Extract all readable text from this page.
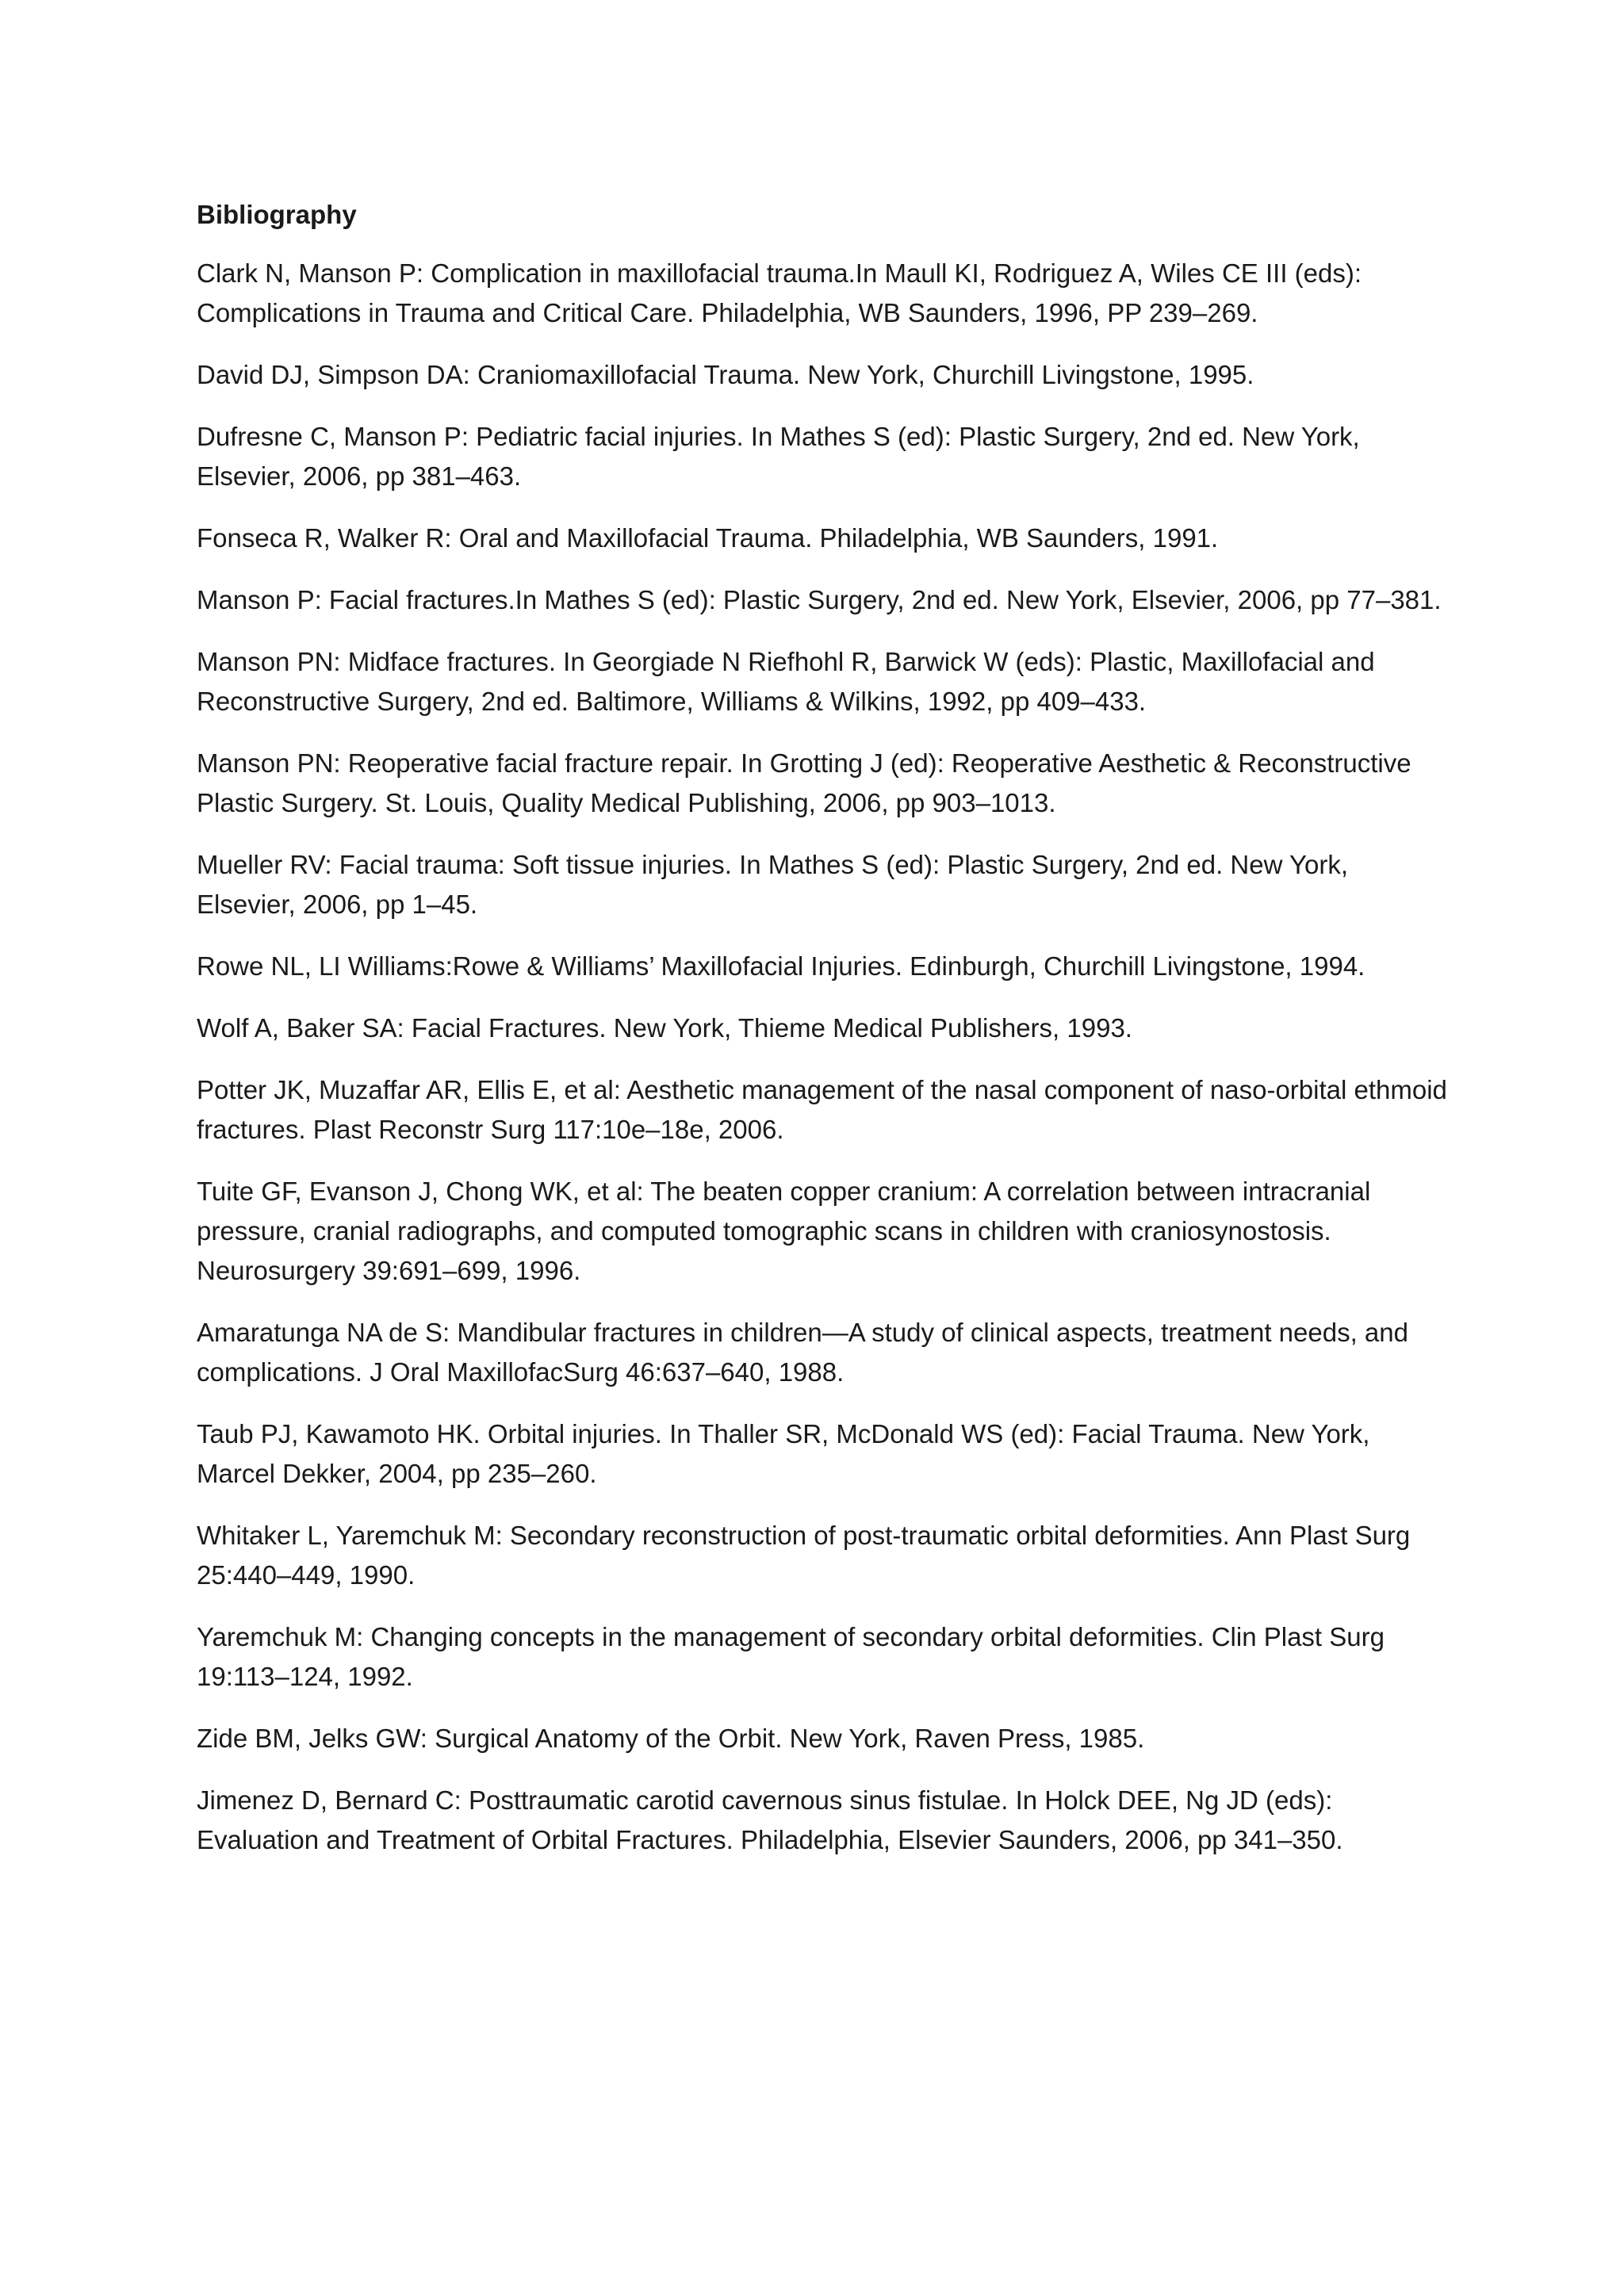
Bibliography
Clark N, Manson P: Complication in maxillofacial trauma.In Maull KI, Rodriguez A, Wiles CE III (eds): Complications in Trauma and Critical Care. Philadelphia, WB Saunders, 1996, PP 239–269.
David DJ, Simpson DA: Craniomaxillofacial Trauma. New York, Churchill Livingstone, 1995.
Dufresne C, Manson P: Pediatric facial injuries. In Mathes S (ed): Plastic Surgery, 2nd ed. New York, Elsevier, 2006, pp 381–463.
Fonseca R, Walker R: Oral and Maxillofacial Trauma. Philadelphia, WB Saunders, 1991.
Manson P: Facial fractures.In Mathes S (ed): Plastic Surgery, 2nd ed. New York, Elsevier, 2006, pp 77–381.
Manson PN: Midface fractures. In Georgiade N Riefhohl R, Barwick W (eds): Plastic, Maxillofacial and Reconstructive Surgery, 2nd ed. Baltimore, Williams & Wilkins, 1992, pp 409–433.
Manson PN: Reoperative facial fracture repair. In Grotting J (ed): Reoperative Aesthetic & Reconstructive Plastic Surgery. St. Louis, Quality Medical Publishing, 2006, pp 903–1013.
Mueller RV: Facial trauma: Soft tissue injuries. In Mathes S (ed): Plastic Surgery, 2nd ed. New York, Elsevier, 2006, pp 1–45.
Rowe NL, LI Williams:Rowe & Williams’ Maxillofacial Injuries. Edinburgh, Churchill Livingstone, 1994.
Wolf A, Baker SA: Facial Fractures. New York, Thieme Medical Publishers, 1993.
Potter JK, Muzaffar AR, Ellis E, et al: Aesthetic management of the nasal component of naso-orbital ethmoid fractures. Plast Reconstr Surg 117:10e–18e, 2006.
Tuite GF, Evanson J, Chong WK, et al: The beaten copper cranium: A correlation between intracranial pressure, cranial radiographs, and computed tomographic scans in children with craniosynostosis. Neurosurgery 39:691–699, 1996.
Amaratunga NA de S: Mandibular fractures in children—A study of clinical aspects, treatment needs, and complications. J Oral MaxillofacSurg 46:637–640, 1988.
Taub PJ, Kawamoto HK. Orbital injuries. In Thaller SR, McDonald WS (ed): Facial Trauma. New York, Marcel Dekker, 2004, pp 235–260.
Whitaker L, Yaremchuk M: Secondary reconstruction of post-traumatic orbital deformities. Ann Plast Surg 25:440–449, 1990.
Yaremchuk M: Changing concepts in the management of secondary orbital deformities. Clin Plast Surg 19:113–124, 1992.
Zide BM, Jelks GW: Surgical Anatomy of the Orbit. New York, Raven Press, 1985.
Jimenez D, Bernard C: Posttraumatic carotid cavernous sinus fistulae. In Holck DEE, Ng JD (eds): Evaluation and Treatment of Orbital Fractures. Philadelphia, Elsevier Saunders, 2006, pp 341–350.
